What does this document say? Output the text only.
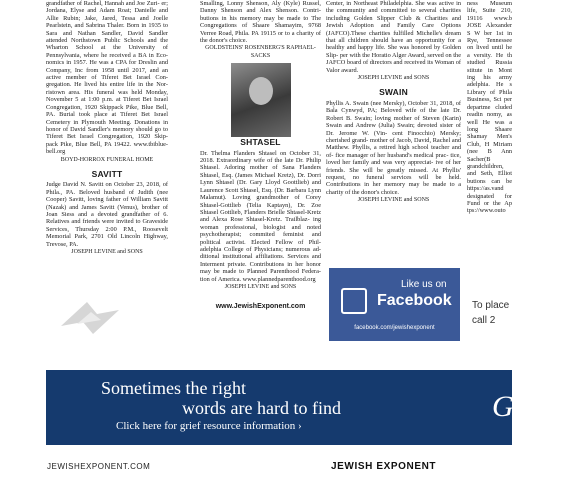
grandfather of Rachel, Hannah and Joe Zuri- er; Jordana, Elyse and Adam Roat; Danielle and Allie Rubin; Jake, Jared, Tessa and Joelle Pearlstein, and Sabrina Thaler. Born in 1935 to Sara and Nathan Sandler, David Sandler attended Northstown Public Schools and the Wharton School at the University of Pennsylvania, where he received a BA in Eco- nomics in 1957. He was a CPA for Dreslin and Company, Inc from 1958 until 2017, and an active member of Tiferet Bet Israel Con- gregation. He lived his entire life in the Nor- ristown area. His funeral was held Monday, November 5 at 1:00 p.m. at Tiferet Bet Israel Congregation, 1920 Skippack Pike, Blue Bell, PA. Burial took place at Tiferet Bet Israel Cemetery in Plymouth Meeting. Donations in honor of David Sandler's memory should go to Tiferet Bet Israel Congregation, 1920 Skip- pack Pike, Blue Bell, PA 19422. www.tbiblue- bell.org

BOYD-HORROX FUNERAL HOME
SAVITT

Judge David N. Savitt on October 23, 2018, of Phila., PA. Beloved husband of Judith (nee Cooper) Savitt, loving father of William Savitt (Nazak) and James Savitt (Venus), brother of Joan Siess and a devoted grandfather of 6. Relatives and friends were invited to Graveside Services, Thursday 2:00 P.M., Roosevelt Memorial Park, 2701 Old Lincoln Highway, Trevose, PA.

JOSEPH LEVINE and SONS

Smalling, Lonny Shenson, Aly (Kyle) Russel, Danny Shenson and Alex Shenson. Contri- butions in his memory may be made to The Congregations of Shaare Shamayim, 9768 Verree Road, Phila. PA 19115 or to a charity of the donor's choice.

GOLDSTEINS' ROSENBERG'S RAPHAEL-SACKS
SHTASEL

Dr. Thelma Flanders Shtasel on October 31, 2018. Extraordinary wife of the late Dr. Philip Shtasel. Adoring mother of Sana Flanders Shtasel, Esq. (James Michael Kretz), Dr. Dorri Lynn Shtasel (Dr. Gary Lloyd Goottlieb) and Laurence Scott Shtasel, Esq. (Dr. Barbara Lynn Malamut). Loving grandmother of Corey Shtasel-Gottlieb (Telia Kaptayn), Dr. Zoe Shtasel Gottlieb, Flanders Brielle Shtasel-Kretz and Alexa Rose Shtasel-Kretz. Trailblaz- ing woman professional, biologist and noted psychotherapist; commited feminist and political activist. Elected Fellow of Phil- adelphia College of Physicians; numerous ad- ditional institutional affiliations. Services and Interment private. Contributions in her honor may be made to Planned Parenthood Federa- tion of America. www.plannedparenthood.org

JOSEPH LEVINE and SONS
www.JewishExponent.com

Center, in Northeast Philadelphia. She was active in the community and committed to several charities including Golden Slipper Club & Charities and Jewish Adoption and Family Care Options (JAFCO).These charities fulfilled Michelle's dream that all children should have an opportunity for a healthy and happy life. She was honored by Golden Slip- per with the Horatio Alger Award, served on the JAFCO board of directors and received its Woman of Valor award.

JOSEPH LEVINE and SONS
SWAIN

Phyllis A. Swain (nee Mersky), October 31, 2018, of Bala Cynwyd, PA; Beloved wife of the late Dr. Robert B. Swain; loving mother of Steven (Karin) Swain and Andrew (Julia) Swain; devoted sister of Dr. Jerome W. (Vin- cent Finocchio) Mersky; cherished grand- mother of Jacob, David, Rachel and Matthew. Phyllis, a retired high school teacher and of- fice manager of her husband's medical prac- tice, loved her family and was very appreciat- ive of her friends. She will be greatly missed. At Phyllis' request, no funeral services will be held. Contributions in her memory may be made to a charity of the donor's choice.

JOSEPH LEVINE and SONS
Like us on
Facebook
facebook.com/jewishexponent

ness Museum life, Suite 210, 19116 www.b JOSE Alexander S W ber 1st in Rye, Tennessee on lived until he a versity. He th studied Russia stitute in Mont ing his army adelphia. He s Library of Phila Business, Sci per departme cluded readin nomy, as well He was a long Shaare Shamay Men's Club, H Miriam (nee B Ann Sacher(B grandchildren, and Seth, Elliot butions can be https://as.vand designated for Fund or the Ap tps://www.outo

To place
call 2
Sometimes the right
words are hard to find
Click here for grief resource information ›
Golds
JEWISHEXPONENT.COM	JEWISH EXPONENT
